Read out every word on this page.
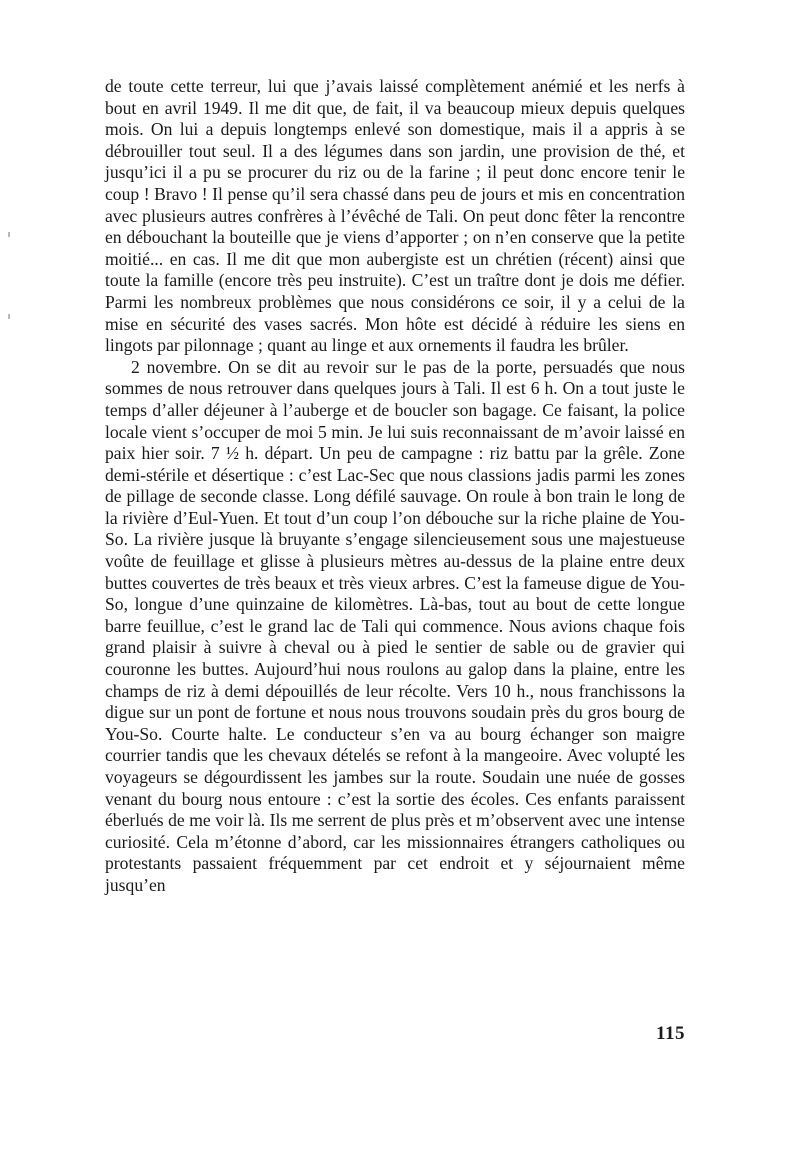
de toute cette terreur, lui que j’avais laissé complètement anémié et les nerfs à bout en avril 1949. Il me dit que, de fait, il va beaucoup mieux depuis quelques mois. On lui a depuis longtemps enlevé son domestique, mais il a appris à se débrouiller tout seul. Il a des légumes dans son jardin, une provision de thé, et jusqu’ici il a pu se procurer du riz ou de la farine ; il peut donc encore tenir le coup ! Bravo ! Il pense qu’il sera chassé dans peu de jours et mis en concentration avec plusieurs autres confrères à l’évêché de Tali. On peut donc fêter la rencontre en débouchant la bouteille que je viens d’apporter ; on n’en conserve que la petite moitié... en cas. Il me dit que mon aubergiste est un chrétien (récent) ainsi que toute la famille (encore très peu instruite). C’est un traître dont je dois me défier. Parmi les nombreux problèmes que nous considérons ce soir, il y a celui de la mise en sécurité des vases sacrés. Mon hôte est décidé à réduire les siens en lingots par pilonnage ; quant au linge et aux ornements il faudra les brûler.

2 novembre. On se dit au revoir sur le pas de la porte, persuadés que nous sommes de nous retrouver dans quelques jours à Tali. Il est 6 h. On a tout juste le temps d’aller déjeuner à l’auberge et de boucler son bagage. Ce faisant, la police locale vient s’occuper de moi 5 min. Je lui suis reconnaissant de m’avoir laissé en paix hier soir. 7 ½ h. départ. Un peu de campagne : riz battu par la grêle. Zone demi-stérile et désertique : c’est Lac-Sec que nous classions jadis parmi les zones de pillage de seconde classe. Long défilé sauvage. On roule à bon train le long de la rivière d’Eul-Yuen. Et tout d’un coup l’on débouche sur la riche plaine de You-So. La rivière jusque là bruyante s’engage silencieusement sous une majestueuse voûte de feuillage et glisse à plusieurs mètres au-dessus de la plaine entre deux buttes couvertes de très beaux et très vieux arbres. C’est la fameuse digue de You-So, longue d’une quinzaine de kilomètres. Là-bas, tout au bout de cette longue barre feuillue, c’est le grand lac de Tali qui commence. Nous avions chaque fois grand plaisir à suivre à cheval ou à pied le sentier de sable ou de gravier qui couronne les buttes. Aujourd’hui nous roulons au galop dans la plaine, entre les champs de riz à demi dépouillés de leur récolte. Vers 10 h., nous franchissons la digue sur un pont de fortune et nous nous trouvons soudain près du gros bourg de You-So. Courte halte. Le conducteur s’en va au bourg échanger son maigre courrier tandis que les chevaux dételés se refont à la mangeoire. Avec volupté les voyageurs se dégourdissent les jambes sur la route. Soudain une nuée de gosses venant du bourg nous entoure : c’est la sortie des écoles. Ces enfants paraissent éberlués de me voir là. Ils me serrent de plus près et m’observent avec une intense curiosité. Cela m’étonne d’abord, car les missionnaires étrangers catholiques ou protestants passaient fréquemment par cet endroit et y séjournaient même jusqu’en

115
